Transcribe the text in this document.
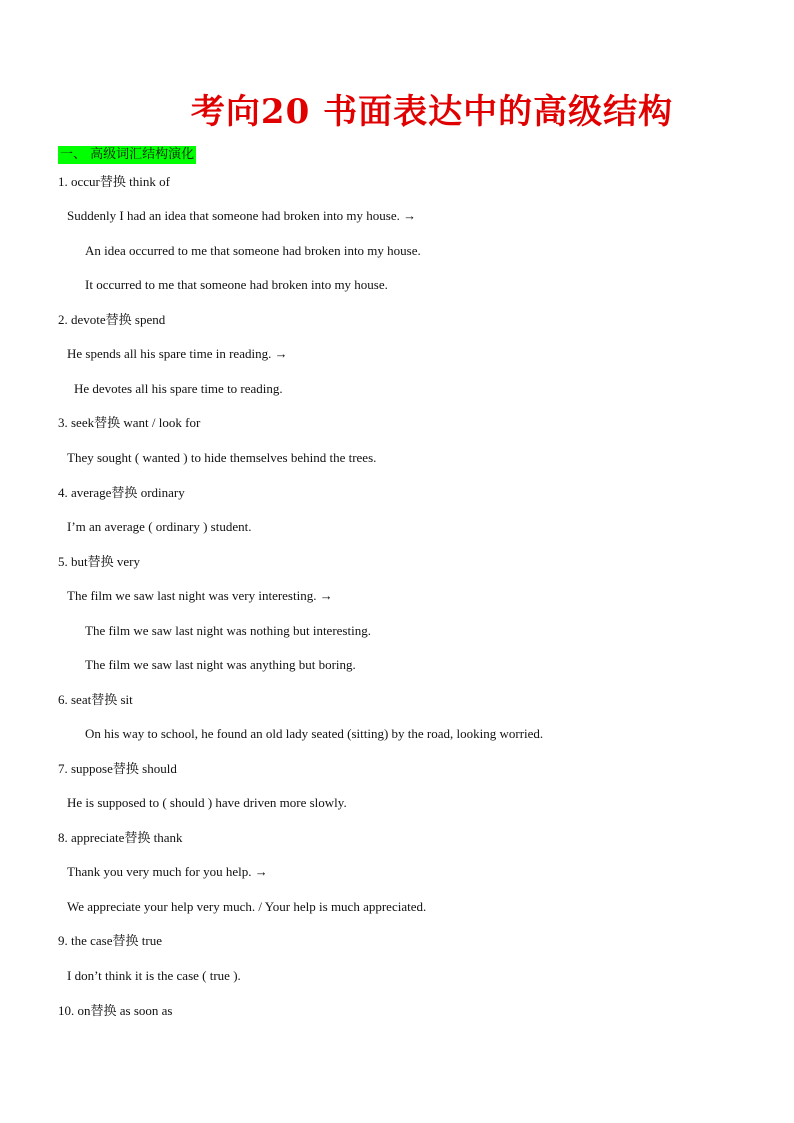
考向20 书面表达中的高级结构
一、 高级词汇结构演化
1. occur替换 think of
Suddenly I had an idea that someone had broken into my house. →
An idea occurred to me that someone had broken into my house.
It occurred to me that someone had broken into my house.
2. devote替换 spend
He spends all his spare time in reading. →
He devotes all his spare time to reading.
3. seek替换 want / look for
They sought ( wanted ) to hide themselves behind the trees.
4. average替换 ordinary
I’m an average ( ordinary ) student.
5. but替换 very
The film we saw last night was very interesting. →
The film we saw last night was nothing but interesting.
The film we saw last night was anything but boring.
6. seat替换 sit
On his way to school, he found an old lady seated (sitting) by the road, looking worried.
7. suppose替换 should
He is supposed to ( should ) have driven more slowly.
8. appreciate替换 thank
Thank you very much for you help. →
We appreciate your help very much. / Your help is much appreciated.
9. the case替换 true
I don’t think it is the case ( true ).
10. on替换 as soon as
